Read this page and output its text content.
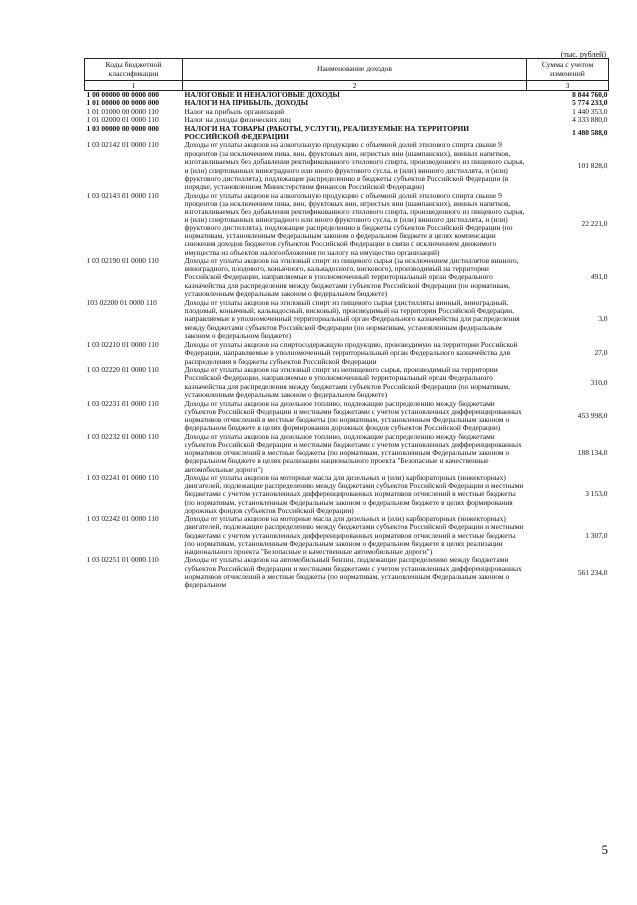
(тыс. рублей)
Коды бюджетной классификации	Наименование доходов	Сумма с учетом изменений
1	2	3
1 00 00000 00 0000 000	НАЛОГОВЫЕ И НЕНАЛОГОВЫЕ ДОХОДЫ	8 844 760,0
1 01 00000 00 0000 000	НАЛОГИ НА ПРИБЫЛЬ, ДОХОДЫ	5 774 233,0
1 01 01000 00 0000 110	Налог на прибыль организаций	1 440 353,0
1 01 02000 01 0000 110	Налог на доходы физических лиц	4 333 880,0
1 03 00000 00 0000 000	НАЛОГИ НА ТОВАРЫ (РАБОТЫ, УСЛУГИ), РЕАЛИЗУЕМЫЕ НА ТЕРРИТОРИИ РОССИЙСКОЙ ФЕДЕРАЦИИ	1 480 588,0
1 03 02142 01 0000 110	Доходы от уплаты акцизов на алкогольную продукцию с объемной долей этилового спирта свыше 9 процентов (за исключением пива, вин, фруктовых вин, игристых вин (шампанских), винных напитков, изготавливаемых без добавления ректификованного этилового спирта, произведенного из пищевого сырья, и (или) спиртованных виноградного или иного фруктового сусла, и (или) винного дистиллята, и (или) фруктового дистиллята), подлежащие распределению в бюджеты субъектов Российской Федерации (в порядке, установленном Министерством финансов Российской Федерации)	101 828,0
1 03 02143 01 0000 110	Доходы от уплаты акцизов на алкогольную продукцию с объемной долей этилового спирта свыше 9 процентов (за исключением пива, вин, фруктовых вин, игристых вин (шампанских), винных напитков, изготавливаемых без добавления ректификованного этилового спирта, произведенного из пищевого сырья, и (или) спиртованных виноградного или иного фруктового сусла, и (или) винного дистиллята, и (или) фруктового дистиллята), подлежащие распределению в бюджеты субъектов Российской Федерации (по нормативам, установленным Федеральным законом о федеральном бюджете в целях компенсации снижения доходов бюджетов субъектов Российской Федерации в связи с исключением движимого имущества из объектов налогообложения по налогу на имущество организаций)	22 221,0
1 03 02190 01 0000 110	Доходы от уплаты акцизов на этиловый спирт из пищевого сырья (за исключением дистиллятов винного, виноградного, плодового, коньячного, кальвадосного, вискового), производимый на территории Российской Федерации, направляемые в уполномоченный территориальный орган Федерального казначейства для распределения между бюджетами субъектов Российской Федерации (по нормативам, установленным федеральным законом о федеральном бюджете)	491,0
103 02200 01 0000 110	Доходы от уплаты акцизов на этиловый спирт из пищевого сырья (дистилляты винный, виноградный, плодовый, коньячный, кальвадосный, висковый), производимый на территории Российской Федерации, направляемые в уполномоченный территориальный орган Федерального казначейства для распределения между бюджетами субъектов Российской Федерации (по нормативам, установленным федеральным законом о федеральном бюджете)	3,0
1 03 02210 01 0000 110	Доходы от уплаты акцизов на спиртосодержащую продукцию, производимую на территории Российской Федерации, направляемые в уполномоченный территориальный орган Федерального казначейства для распределения в бюджеты субъектов Российской Федерации	27,0
1 03 02220 01 0000 110	Доходы от уплаты акцизов на этиловый спирт из непищевого сырья, производимый на территории Российской Федерации, направляемые в уполномоченный территориальный орган Федерального казначейства для распределения между бюджетами субъектов Российской Федерации (по нормативам, установленным федеральным законом о федеральном бюджете)	310,0
1 03 02231 01 0000 110	Доходы от уплаты акцизов на дизельное топливо, подлежащие распределению между бюджетами субъектов Российской Федерации и местными бюджетами с учетом установленных дифференцированных нормативов отчислений в местные бюджеты (по нормативам, установленным Федеральным законом о федеральном бюджете в целях формирования дорожных фондов субъектов Российской Федерации)	453 998,0
1 03 02232 01 0000 110	Доходы от уплаты акцизов на дизельное топливо, подлежащие распределению между бюджетами субъектов Российской Федерации и местными бюджетами с учетом установленных дифференцированных нормативов отчислений в местные бюджеты (по нормативам, установленным Федеральным законом о федеральном бюджете в целях реализации национального проекта "Безопасные и качественные автомобильные дороги")	188 134,0
1 03 02241 01 0000 110	Доходы от уплаты акцизов на моторные масла для дизельных и (или) карбюраторных (инжекторных) двигателей, подлежащие распределению между бюджетами субъектов Российской Федерации и местными бюджетами с учетом установленных дифференцированных нормативов отчислений в местные бюджеты (по нормативам, установленным Федеральным законом о федеральном бюджете в целях формирования дорожных фондов субъектов Российской Федерации)	3 153,0
1 03 02242 01 0000 110	Доходы от уплаты акцизов на моторные масла для дизельных и (или) карбюраторных (инжекторных) двигателей, подлежащие распределению между бюджетами субъектов Российской Федерации и местными бюджетами с учетом установленных дифференцированных нормативов отчислений в местные бюджеты (по нормативам, установленным Федеральным законом о федеральном бюджете в целях реализации национального проекта "Безопасные и качественные автомобильные дороги")	1 307,0
1 03 02251 01 0000 110	Доходы от уплаты акцизов на автомобильный бензин, подлежащие распределению между бюджетами субъектов Российской Федерации и местными бюджетами с учетом установленных дифференцированных нормативов отчислений в местные бюджеты (по нормативам, установленным Федеральным законом о федеральном	561 234,0
5
